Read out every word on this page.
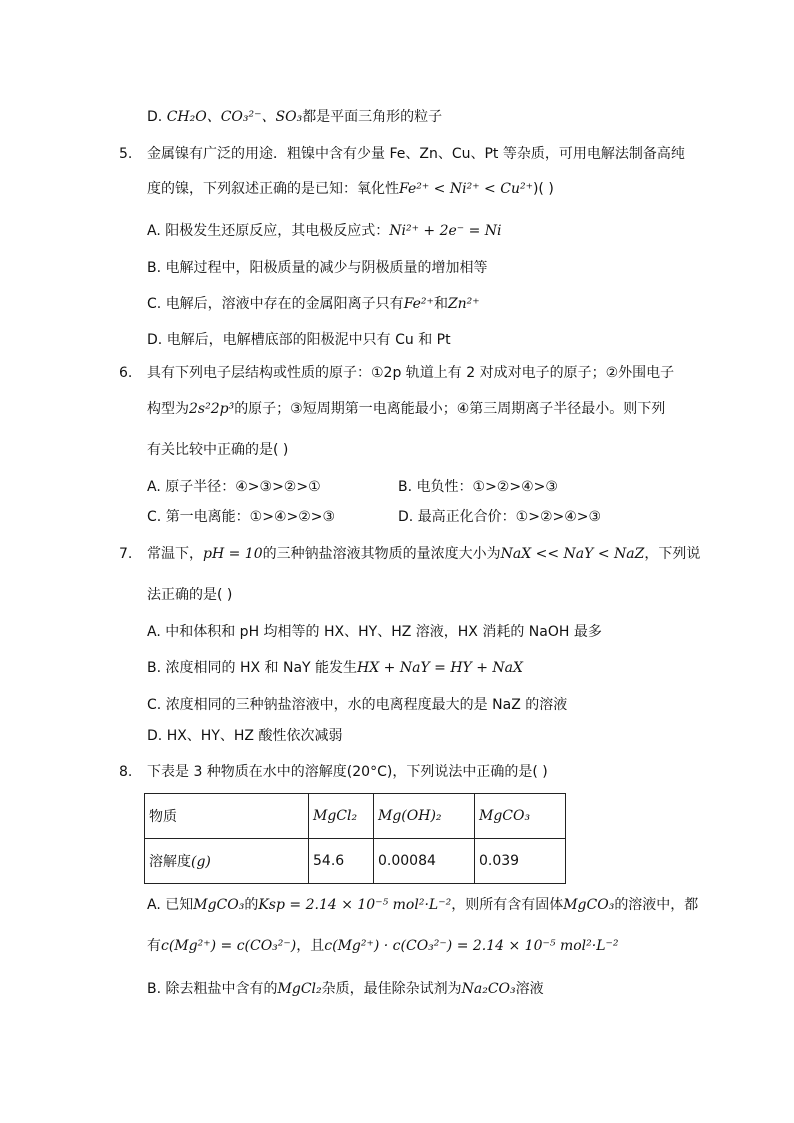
D. CH₂O、CO₃²⁻、SO₃都是平面三角形的粒子
5. 金属镍有广泛的用途．粗镍中含有少量 Fe、Zn、Cu、Pt 等杂质，可用电解法制备高纯
度的镍，下列叙述正确的是已知：氧化性Fe²⁺ < Ni²⁺ < Cu²⁺)( )
A. 阳极发生还原反应，其电极反应式：Ni²⁺ + 2e⁻ = Ni
B. 电解过程中，阳极质量的减少与阴极质量的增加相等
C. 电解后，溶液中存在的金属阳离子只有Fe²⁺和Zn²⁺
D. 电解后，电解槽底部的阳极泥中只有 Cu 和 Pt
6. 具有下列电子层结构或性质的原子：①2p 轨道上有 2 对成对电子的原子；②外围电子
构型为2s²2p³的原子；③短周期第一电离能最小；④第三周期离子半径最小。则下列
有关比较中正确的是( )
A. 原子半径：④>③>②>①	B. 电负性：①>②>④>③
C. 第一电离能：①>④>②>③	D. 最高正化合价：①>②>④>③
7. 常温下，pH = 10的三种钠盐溶液其物质的量浓度大小为NaX << NaY < NaZ，下列说
法正确的是( )
A. 中和体积和 pH 均相等的 HX、HY、HZ 溶液，HX 消耗的 NaOH 最多
B. 浓度相同的 HX 和 NaY 能发生HX + NaY = HY + NaX
C. 浓度相同的三种钠盐溶液中，水的电离程度最大的是 NaZ 的溶液
D. HX、HY、HZ 酸性依次减弱
8. 下表是 3 种物质在水中的溶解度(20°C)，下列说法中正确的是( )
物质	MgCl₂	Mg(OH)₂	MgCO₃
溶解度(g)	54.6	0.00084	0.039
A. 已知MgCO₃的Ksp = 2.14 × 10⁻⁵ mol²·L⁻²，则所有含有固体MgCO₃的溶液中，都
有c(Mg²⁺) = c(CO₃²⁻)，且c(Mg²⁺) · c(CO₃²⁻) = 2.14 × 10⁻⁵ mol²·L⁻²
B. 除去粗盐中含有的MgCl₂杂质，最佳除杂试剂为Na₂CO₃溶液
